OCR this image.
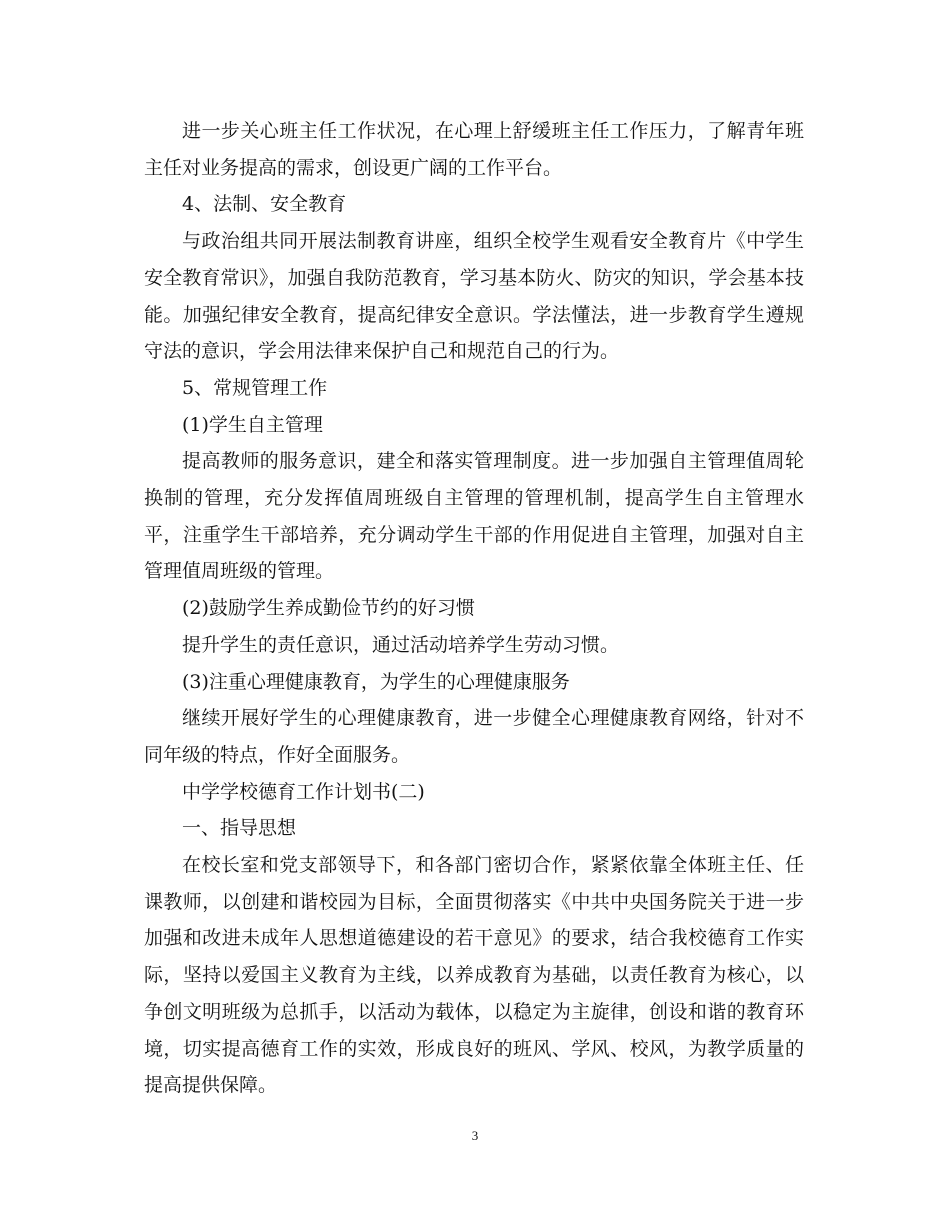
进一步关心班主任工作状况，在心理上舒缓班主任工作压力，了解青年班主任对业务提高的需求，创设更广阔的工作平台。

4、法制、安全教育

与政治组共同开展法制教育讲座，组织全校学生观看安全教育片《中学生安全教育常识》，加强自我防范教育，学习基本防火、防灾的知识，学会基本技能。加强纪律安全教育，提高纪律安全意识。学法懂法，进一步教育学生遵规守法的意识，学会用法律来保护自己和规范自己的行为。

5、常规管理工作

(1)学生自主管理

提高教师的服务意识，建全和落实管理制度。进一步加强自主管理值周轮换制的管理，充分发挥值周班级自主管理的管理机制，提高学生自主管理水平，注重学生干部培养，充分调动学生干部的作用促进自主管理，加强对自主管理值周班级的管理。

(2)鼓励学生养成勤俭节约的好习惯

提升学生的责任意识，通过活动培养学生劳动习惯。

(3)注重心理健康教育，为学生的心理健康服务

继续开展好学生的心理健康教育，进一步健全心理健康教育网络，针对不同年级的特点，作好全面服务。

中学学校德育工作计划书(二)

一、指导思想

在校长室和党支部领导下，和各部门密切合作，紧紧依靠全体班主任、任课教师，以创建和谐校园为目标，全面贯彻落实《中共中央国务院关于进一步加强和改进未成年人思想道德建设的若干意见》的要求，结合我校德育工作实际，坚持以爱国主义教育为主线，以养成教育为基础，以责任教育为核心，以争创文明班级为总抓手，以活动为载体，以稳定为主旋律，创设和谐的教育环境，切实提高德育工作的实效，形成良好的班风、学风、校风，为教学质量的提高提供保障。

3
